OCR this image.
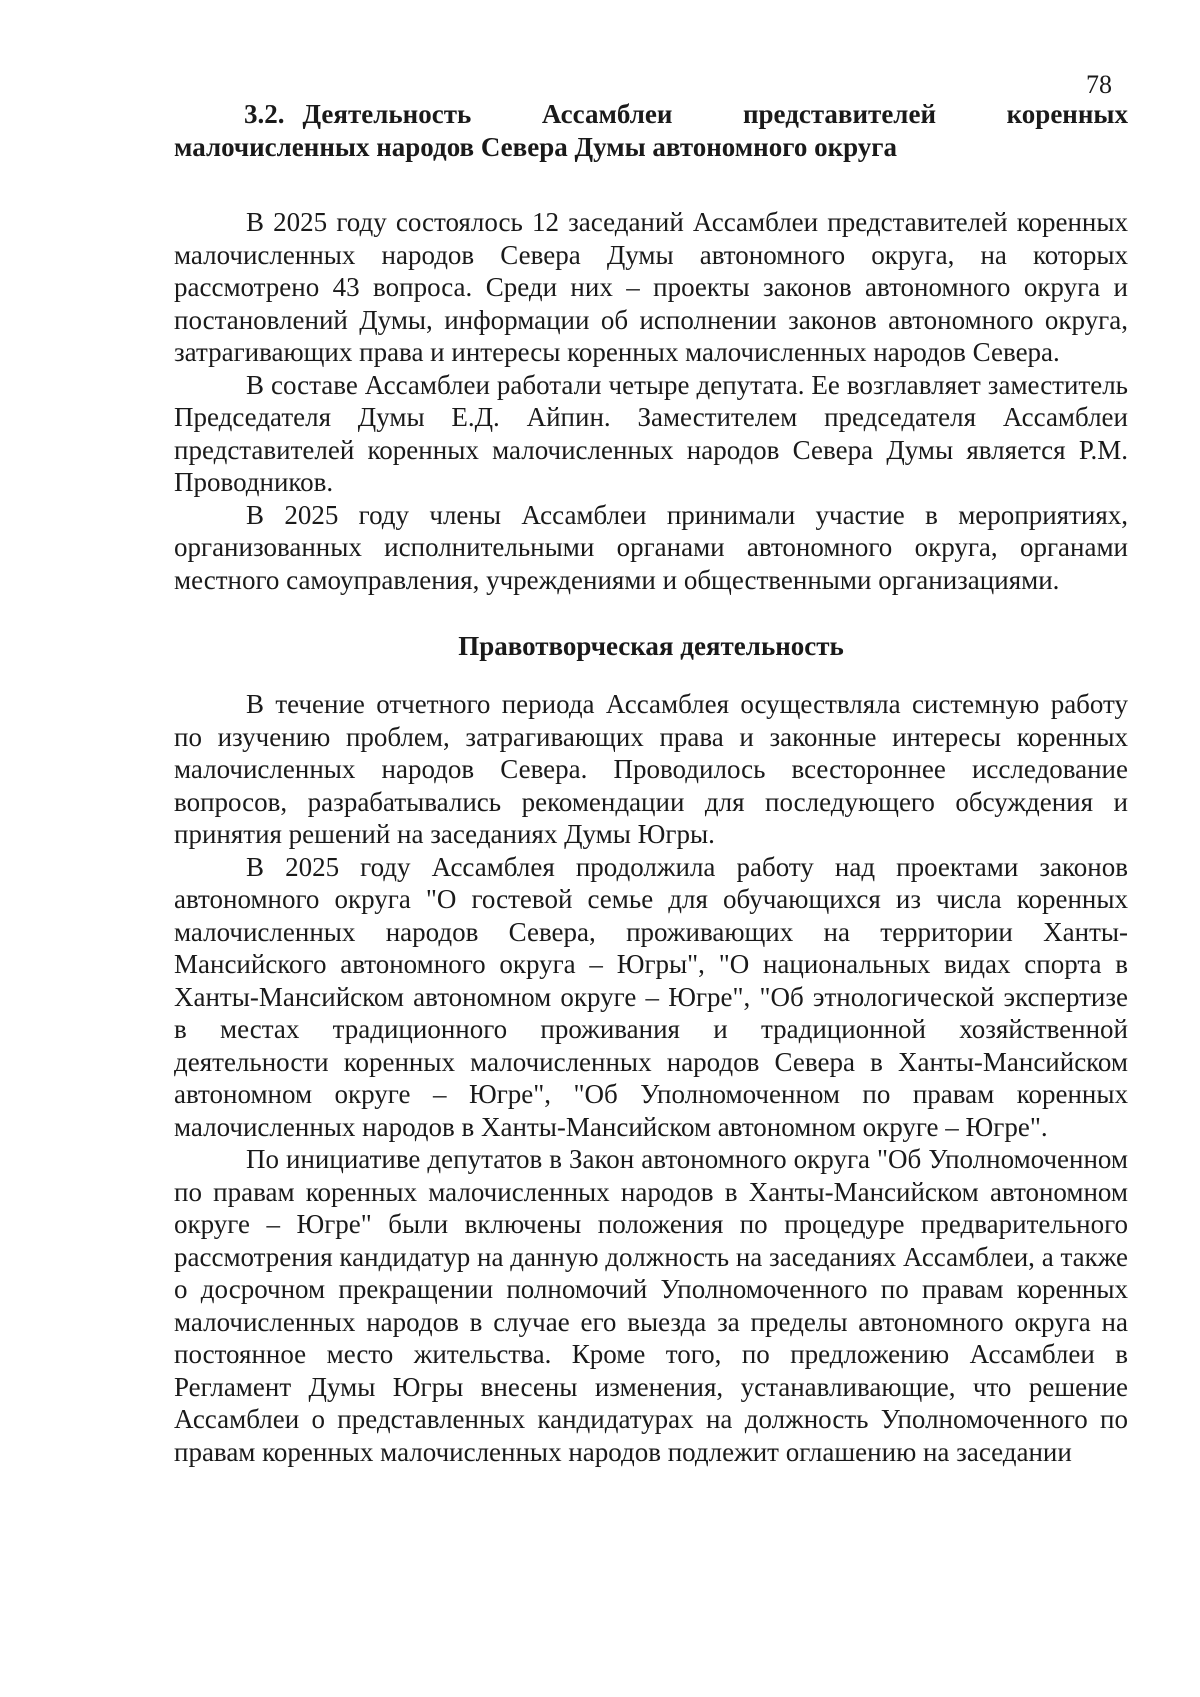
78
3.2. Деятельность Ассамблеи представителей коренных малочисленных народов Севера Думы автономного округа

В 2025 году состоялось 12 заседаний Ассамблеи представителей коренных малочисленных народов Севера Думы автономного округа, на которых рассмотрено 43 вопроса. Среди них – проекты законов автономного округа и постановлений Думы, информации об исполнении законов автономного округа, затрагивающих права и интересы коренных малочисленных народов Севера.

В составе Ассамблеи работали четыре депутата. Ее возглавляет заместитель Председателя Думы Е.Д. Айпин. Заместителем председателя Ассамблеи представителей коренных малочисленных народов Севера Думы является Р.М. Проводников.

В 2025 году члены Ассамблеи принимали участие в мероприятиях, организованных исполнительными органами автономного округа, органами местного самоуправления, учреждениями и общественными организациями.

Правотворческая деятельность

В течение отчетного периода Ассамблея осуществляла системную работу по изучению проблем, затрагивающих права и законные интересы коренных малочисленных народов Севера. Проводилось всестороннее исследование вопросов, разрабатывались рекомендации для последующего обсуждения и принятия решений на заседаниях Думы Югры.

В 2025 году Ассамблея продолжила работу над проектами законов автономного округа "О гостевой семье для обучающихся из числа коренных малочисленных народов Севера, проживающих на территории Ханты-Мансийского автономного округа – Югры", "О национальных видах спорта в Ханты-Мансийском автономном округе – Югре", "Об этнологической экспертизе в местах традиционного проживания и традиционной хозяйственной деятельности коренных малочисленных народов Севера в Ханты-Мансийском автономном округе – Югре", "Об Уполномоченном по правам коренных малочисленных народов в Ханты-Мансийском автономном округе – Югре".

По инициативе депутатов в Закон автономного округа "Об Уполномоченном по правам коренных малочисленных народов в Ханты-Мансийском автономном округе – Югре" были включены положения по процедуре предварительного рассмотрения кандидатур на данную должность на заседаниях Ассамблеи, а также о досрочном прекращении полномочий Уполномоченного по правам коренных малочисленных народов в случае его выезда за пределы автономного округа на постоянное место жительства. Кроме того, по предложению Ассамблеи в Регламент Думы Югры внесены изменения, устанавливающие, что решение Ассамблеи о представленных кандидатурах на должность Уполномоченного по правам коренных малочисленных народов подлежит оглашению на заседании
